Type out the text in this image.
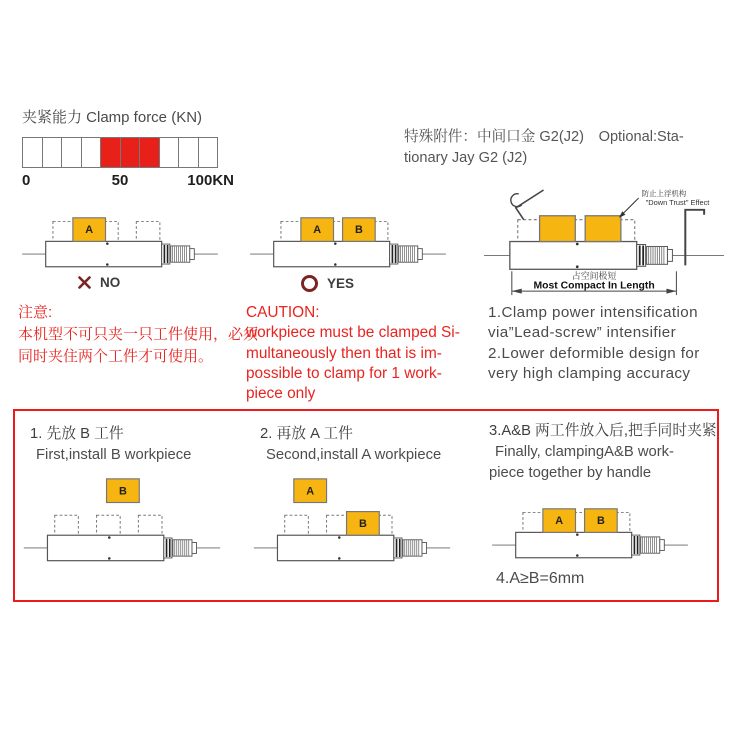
夹紧能力 Clamp force (KN)
0	50	100KN
特殊附件：中间口金 G2(J2)　Optional:Sta-
tionary Jay G2 (J2)
A	A	B
防止上浮机构
"Down Trust" Effect
占空间极短
Most Compact In Length
NO	YES
注意:
本机型不可只夹一只工件使用，必须
同时夹住两个工件才可使用。
CAUTION:
workpiece must be clamped Si-
multaneously then that is im-
possible to clamp for 1 work-
piece only
1.Clamp power intensification
via”Lead-screw” intensifier
2.Lower deformible design for
very high clamping accuracy
1. 先放 B 工件
First,install B workpiece
2. 再放 A 工件
Second,install A workpiece
3.A&B 两工件放入后,把手同时夹紧
Finally, clampingA&B work-
piece together by handle
B
B
A
A	B
4.A≥B=6mm
